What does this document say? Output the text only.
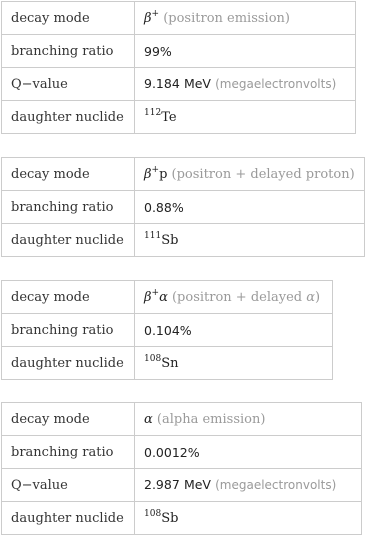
decay mode	β+ (positron emission)
branching ratio	99%
Q−value	9.184 MeV (megaelectronvolts)
daughter nuclide	$^{112}$Te
decay mode	β+p (positron + delayed proton)
branching ratio	0.88%
daughter nuclide	$^{111}$Sb
decay mode	β+α (positron + delayed α)
branching ratio	0.104%
daughter nuclide	$^{108}$Sn
decay mode	α (alpha emission)
branching ratio	0.0012%
Q−value	2.987 MeV (megaelectronvolts)
daughter nuclide	$^{108}$Sb
